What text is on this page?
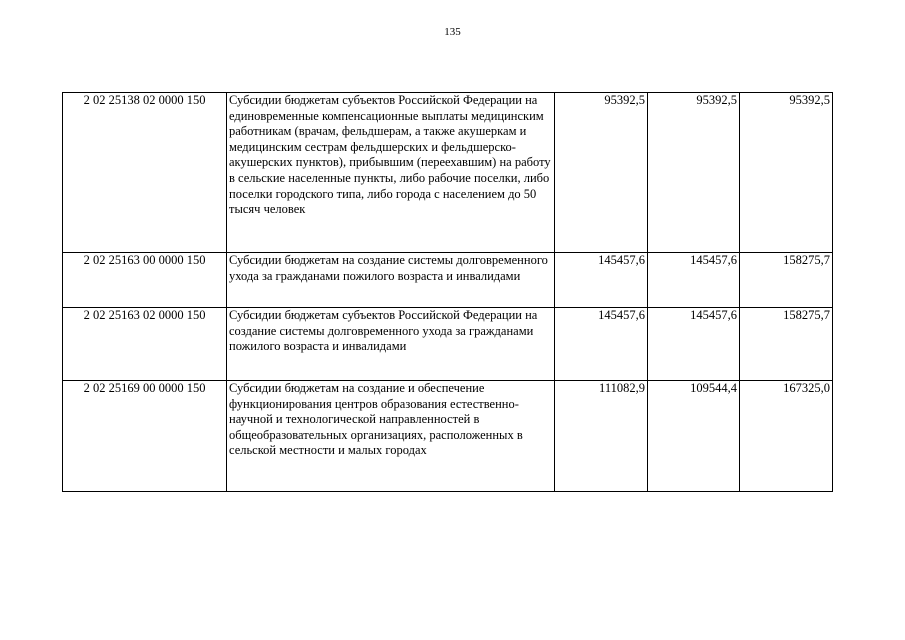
135
2 02 25138 02 0000 150	Субсидии бюджетам субъектов Российской Федерации на единовременные компенсационные выплаты медицинским работникам (врачам, фельдшерам, а также акушеркам и медицинским сестрам фельдшерских и фельдшерско-акушерских пунктов), прибывшим (переехавшим) на работу в сельские населенные пункты, либо рабочие поселки, либо поселки городского типа, либо города с населением до 50 тысяч человек	95392,5	95392,5	95392,5
2 02 25163 00 0000 150	Субсидии бюджетам на создание системы долговременного ухода за гражданами пожилого возраста и инвалидами	145457,6	145457,6	158275,7
2 02 25163 02 0000 150	Субсидии бюджетам субъектов Российской Федерации на создание системы долговременного ухода за гражданами пожилого возраста и инвалидами	145457,6	145457,6	158275,7
2 02 25169 00 0000 150	Субсидии бюджетам на создание и обеспечение функционирования центров образования естественно-научной и технологической направленностей в общеобразовательных организациях, расположенных в сельской местности и малых городах	111082,9	109544,4	167325,0
